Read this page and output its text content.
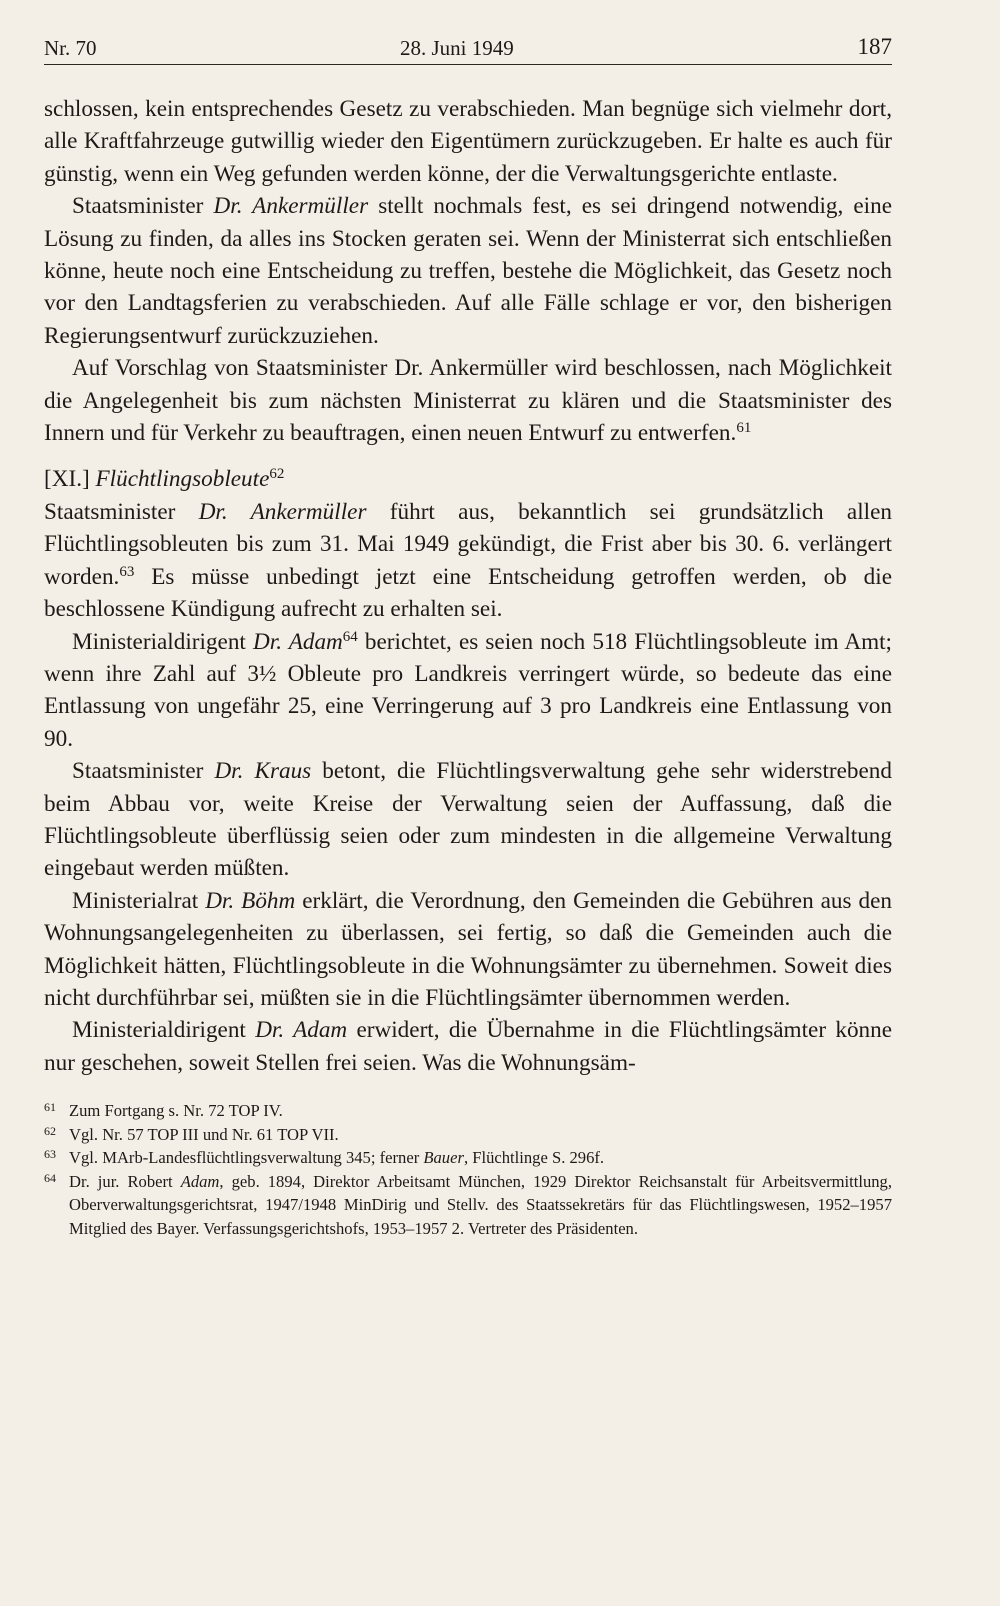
Nr. 70	28. Juni 1949	187

schlossen, kein entsprechendes Gesetz zu verabschieden. Man begnüge sich vielmehr dort, alle Kraftfahrzeuge gutwillig wieder den Eigentümern zurückzugeben. Er halte es auch für günstig, wenn ein Weg gefunden werden könne, der die Verwaltungsgerichte entlaste.

Staatsminister Dr. Ankermüller stellt nochmals fest, es sei dringend notwendig, eine Lösung zu finden, da alles ins Stocken geraten sei. Wenn der Ministerrat sich entschließen könne, heute noch eine Entscheidung zu treffen, bestehe die Möglichkeit, das Gesetz noch vor den Landtagsferien zu verabschieden. Auf alle Fälle schlage er vor, den bisherigen Regierungsentwurf zurückzuziehen.

Auf Vorschlag von Staatsminister Dr. Ankermüller wird beschlossen, nach Möglichkeit die Angelegenheit bis zum nächsten Ministerrat zu klären und die Staatsminister des Innern und für Verkehr zu beauftragen, einen neuen Entwurf zu entwerfen.$^{61}$

[XI.] Flüchtlingsobleute$^{62}$

Staatsminister Dr. Ankermüller führt aus, bekanntlich sei grundsätzlich allen Flüchtlingsobleuten bis zum 31. Mai 1949 gekündigt, die Frist aber bis 30. 6. verlängert worden.$^{63}$ Es müsse unbedingt jetzt eine Entscheidung getroffen werden, ob die beschlossene Kündigung aufrecht zu erhalten sei.

Ministerialdirigent Dr. Adam$^{64}$ berichtet, es seien noch 518 Flüchtlingsobleute im Amt; wenn ihre Zahl auf 3½ Obleute pro Landkreis verringert würde, so bedeute das eine Entlassung von ungefähr 25, eine Verringerung auf 3 pro Landkreis eine Entlassung von 90.

Staatsminister Dr. Kraus betont, die Flüchtlingsverwaltung gehe sehr widerstrebend beim Abbau vor, weite Kreise der Verwaltung seien der Auffassung, daß die Flüchtlingsobleute überflüssig seien oder zum mindesten in die allgemeine Verwaltung eingebaut werden müßten.

Ministerialrat Dr. Böhm erklärt, die Verordnung, den Gemeinden die Gebühren aus den Wohnungsangelegenheiten zu überlassen, sei fertig, so daß die Gemeinden auch die Möglichkeit hätten, Flüchtlingsobleute in die Wohnungsämter zu übernehmen. Soweit dies nicht durchführbar sei, müßten sie in die Flüchtlingsämter übernommen werden.

Ministerialdirigent Dr. Adam erwidert, die Übernahme in die Flüchtlingsämter könne nur geschehen, soweit Stellen frei seien. Was die Wohnungsäm-

61 Zum Fortgang s. Nr. 72 TOP IV.
62 Vgl. Nr. 57 TOP III und Nr. 61 TOP VII.
63 Vgl. MArb-Landesflüchtlingsverwaltung 345; ferner Bauer, Flüchtlinge S. 296f.
64 Dr. jur. Robert Adam, geb. 1894, Direktor Arbeitsamt München, 1929 Direktor Reichsanstalt für Arbeitsvermittlung, Oberverwaltungsgerichtsrat, 1947/1948 MinDirig und Stellv. des Staatssekretärs für das Flüchtlingswesen, 1952–1957 Mitglied des Bayer. Verfassungsgerichtshofs, 1953–1957 2. Vertreter des Präsidenten.
